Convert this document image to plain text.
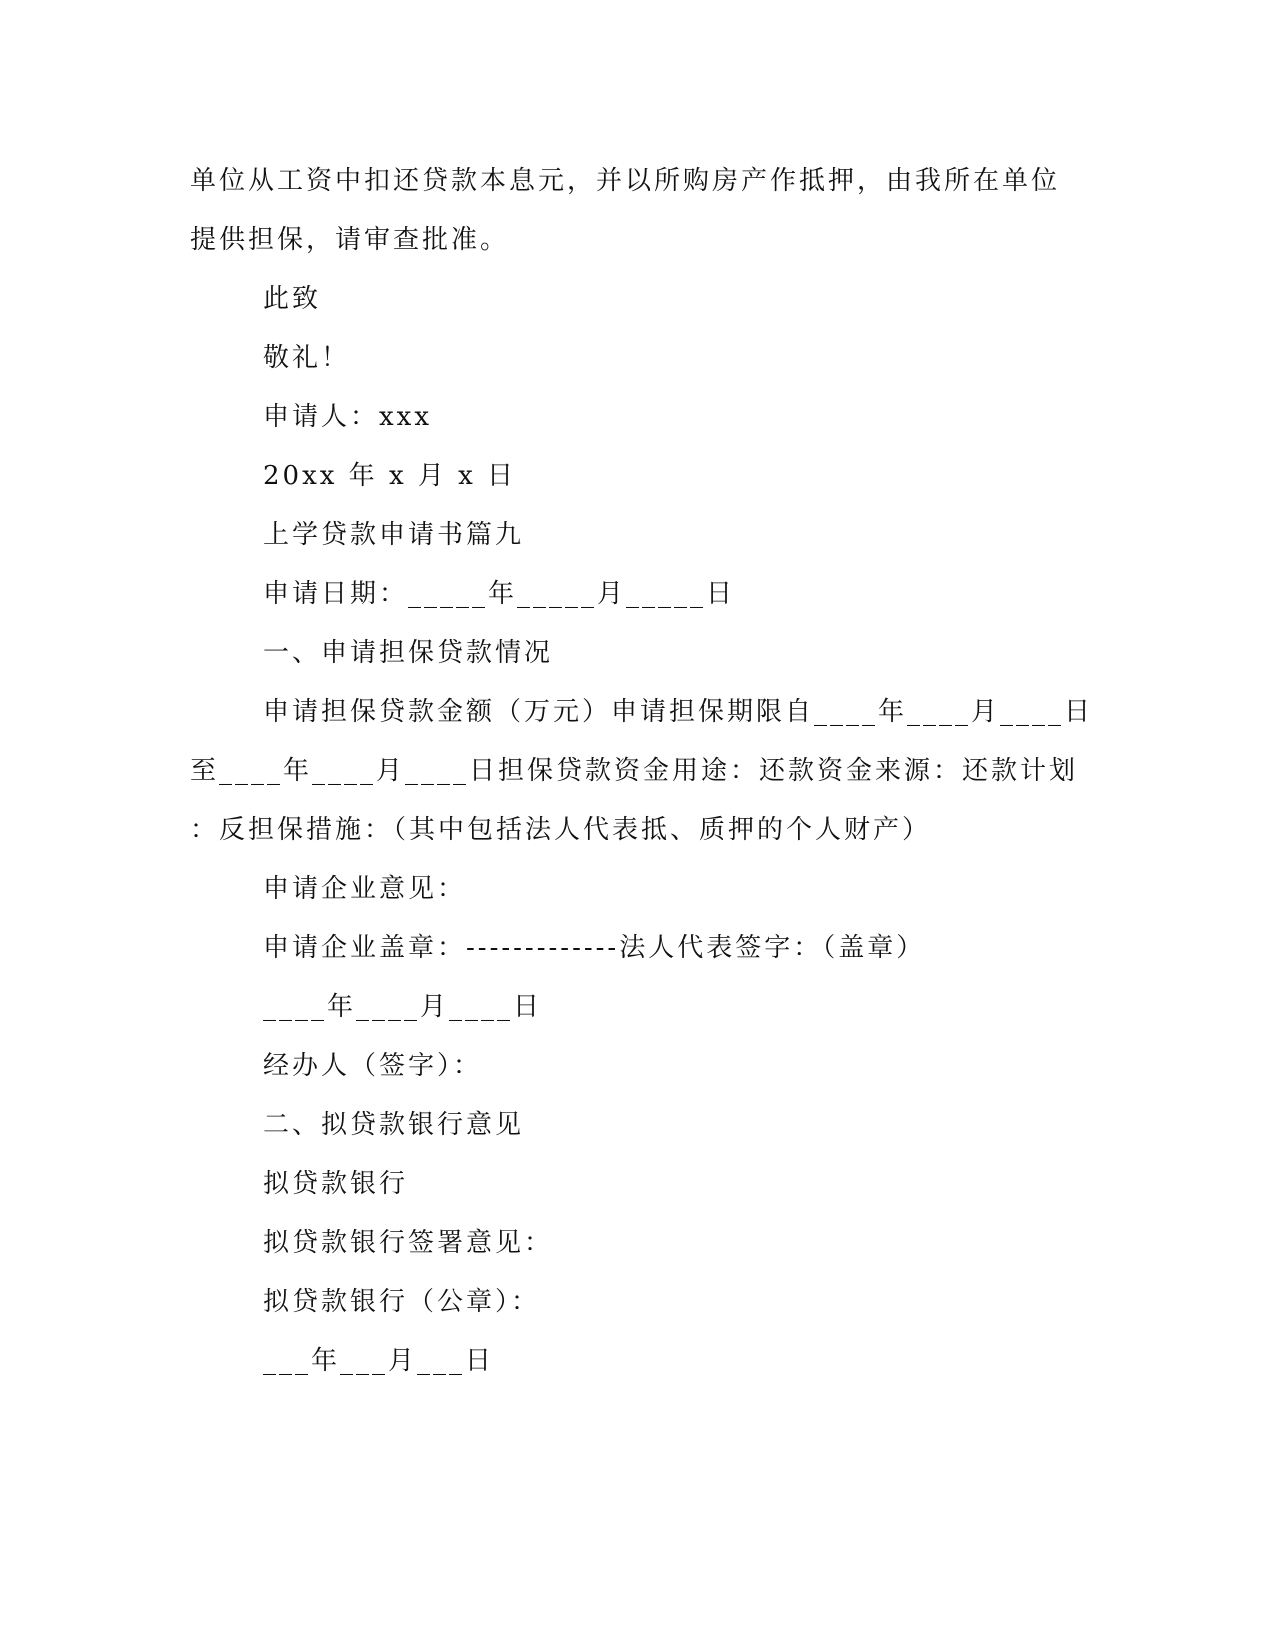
单位从工资中扣还贷款本息元，并以所购房产作抵押，由我所在单位
提供担保，请审查批准。
此致
敬礼！
申请人：xxx
20xx 年 x 月 x 日
上学贷款申请书篇九
申请日期：_____年_____月_____日
一、申请担保贷款情况
申请担保贷款金额（万元）申请担保期限自____年____月____日
至____年____月____日担保贷款资金用途：还款资金来源：还款计划
：反担保措施：（其中包括法人代表抵、质押的个人财产）
申请企业意见：
申请企业盖章：-------------法人代表签字：（盖章）
____年____月____日
经办人（签字）：
二、拟贷款银行意见
拟贷款银行
拟贷款银行签署意见：
拟贷款银行（公章）：
___年___月___日
